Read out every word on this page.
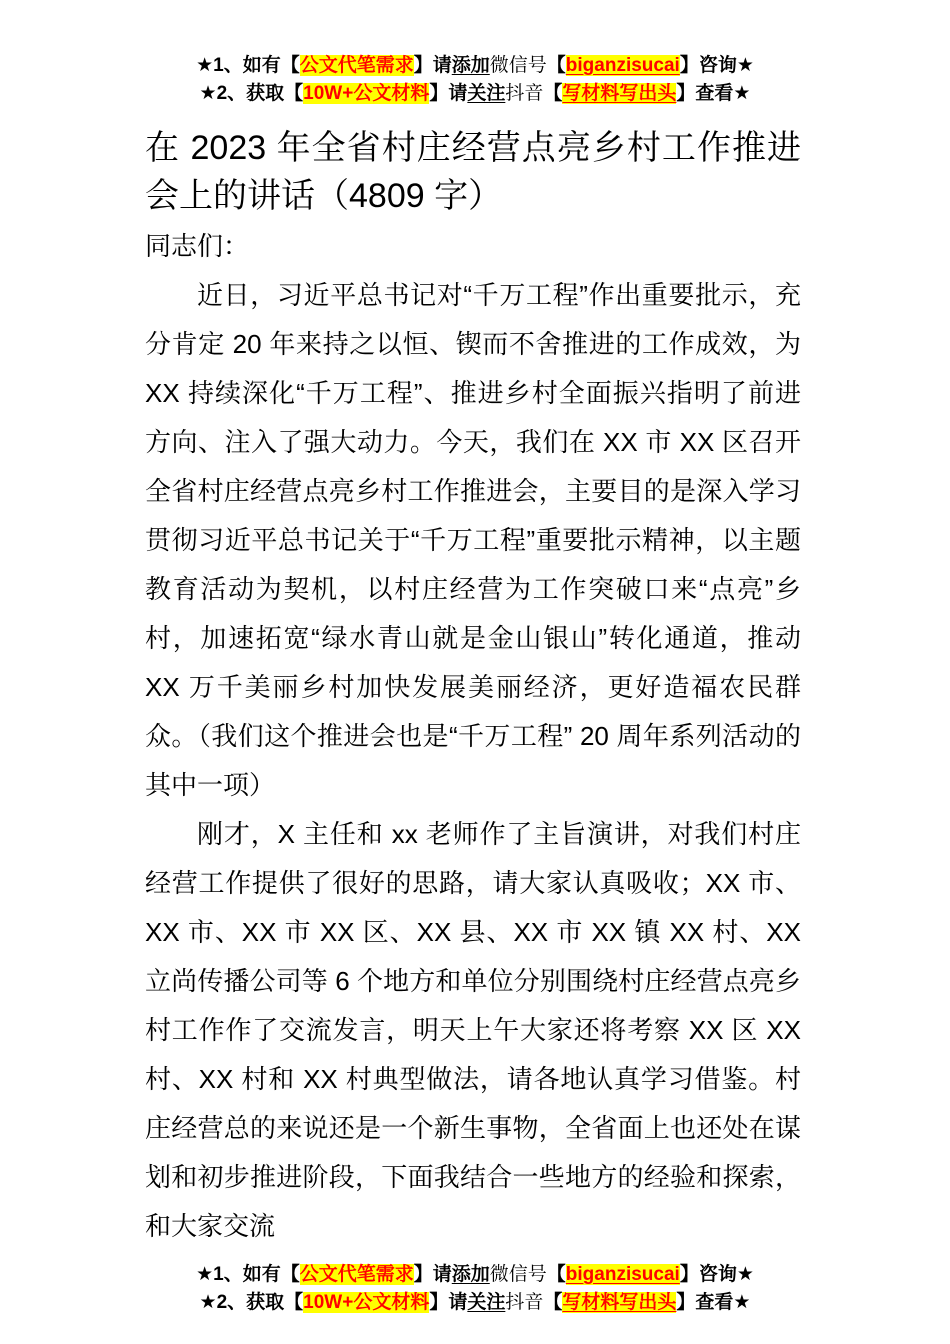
★1、如有【公文代笔需求】请添加微信号【biganzisucai】咨询★
★2、获取【10W+公文材料】请关注抖音【写材料写出头】查看★
在 2023 年全省村庄经营点亮乡村工作推进会上的讲话（4809 字）

同志们：

近日，习近平总书记对“千万工程”作出重要批示，充分肯定 20 年来持之以恒、锲而不舍推进的工作成效，为 XX 持续深化“千万工程”、推进乡村全面振兴指明了前进方向、注入了强大动力。今天，我们在 XX 市 XX 区召开全省村庄经营点亮乡村工作推进会，主要目的是深入学习贯彻习近平总书记关于“千万工程”重要批示精神，以主题教育活动为契机，以村庄经营为工作突破口来“点亮”乡村，加速拓宽“绿水青山就是金山银山”转化通道，推动 XX 万千美丽乡村加快发展美丽经济，更好造福农民群众。（我们这个推进会也是“千万工程” 20 周年系列活动的其中一项）

刚才，X 主任和 xx 老师作了主旨演讲，对我们村庄经营工作提供了很好的思路，请大家认真吸收；XX 市、XX 市、XX 市 XX 区、XX 县、XX 市 XX 镇 XX 村、XX 立尚传播公司等 6 个地方和单位分别围绕村庄经营点亮乡村工作作了交流发言，明天上午大家还将考察 XX 区 XX 村、XX 村和 XX 村典型做法，请各地认真学习借鉴。村庄经营总的来说还是一个新生事物，全省面上也还处在谋划和初步推进阶段，下面我结合一些地方的经验和探索，和大家交流

★1、如有【公文代笔需求】请添加微信号【biganzisucai】咨询★
★2、获取【10W+公文材料】请关注抖音【写材料写出头】查看★
